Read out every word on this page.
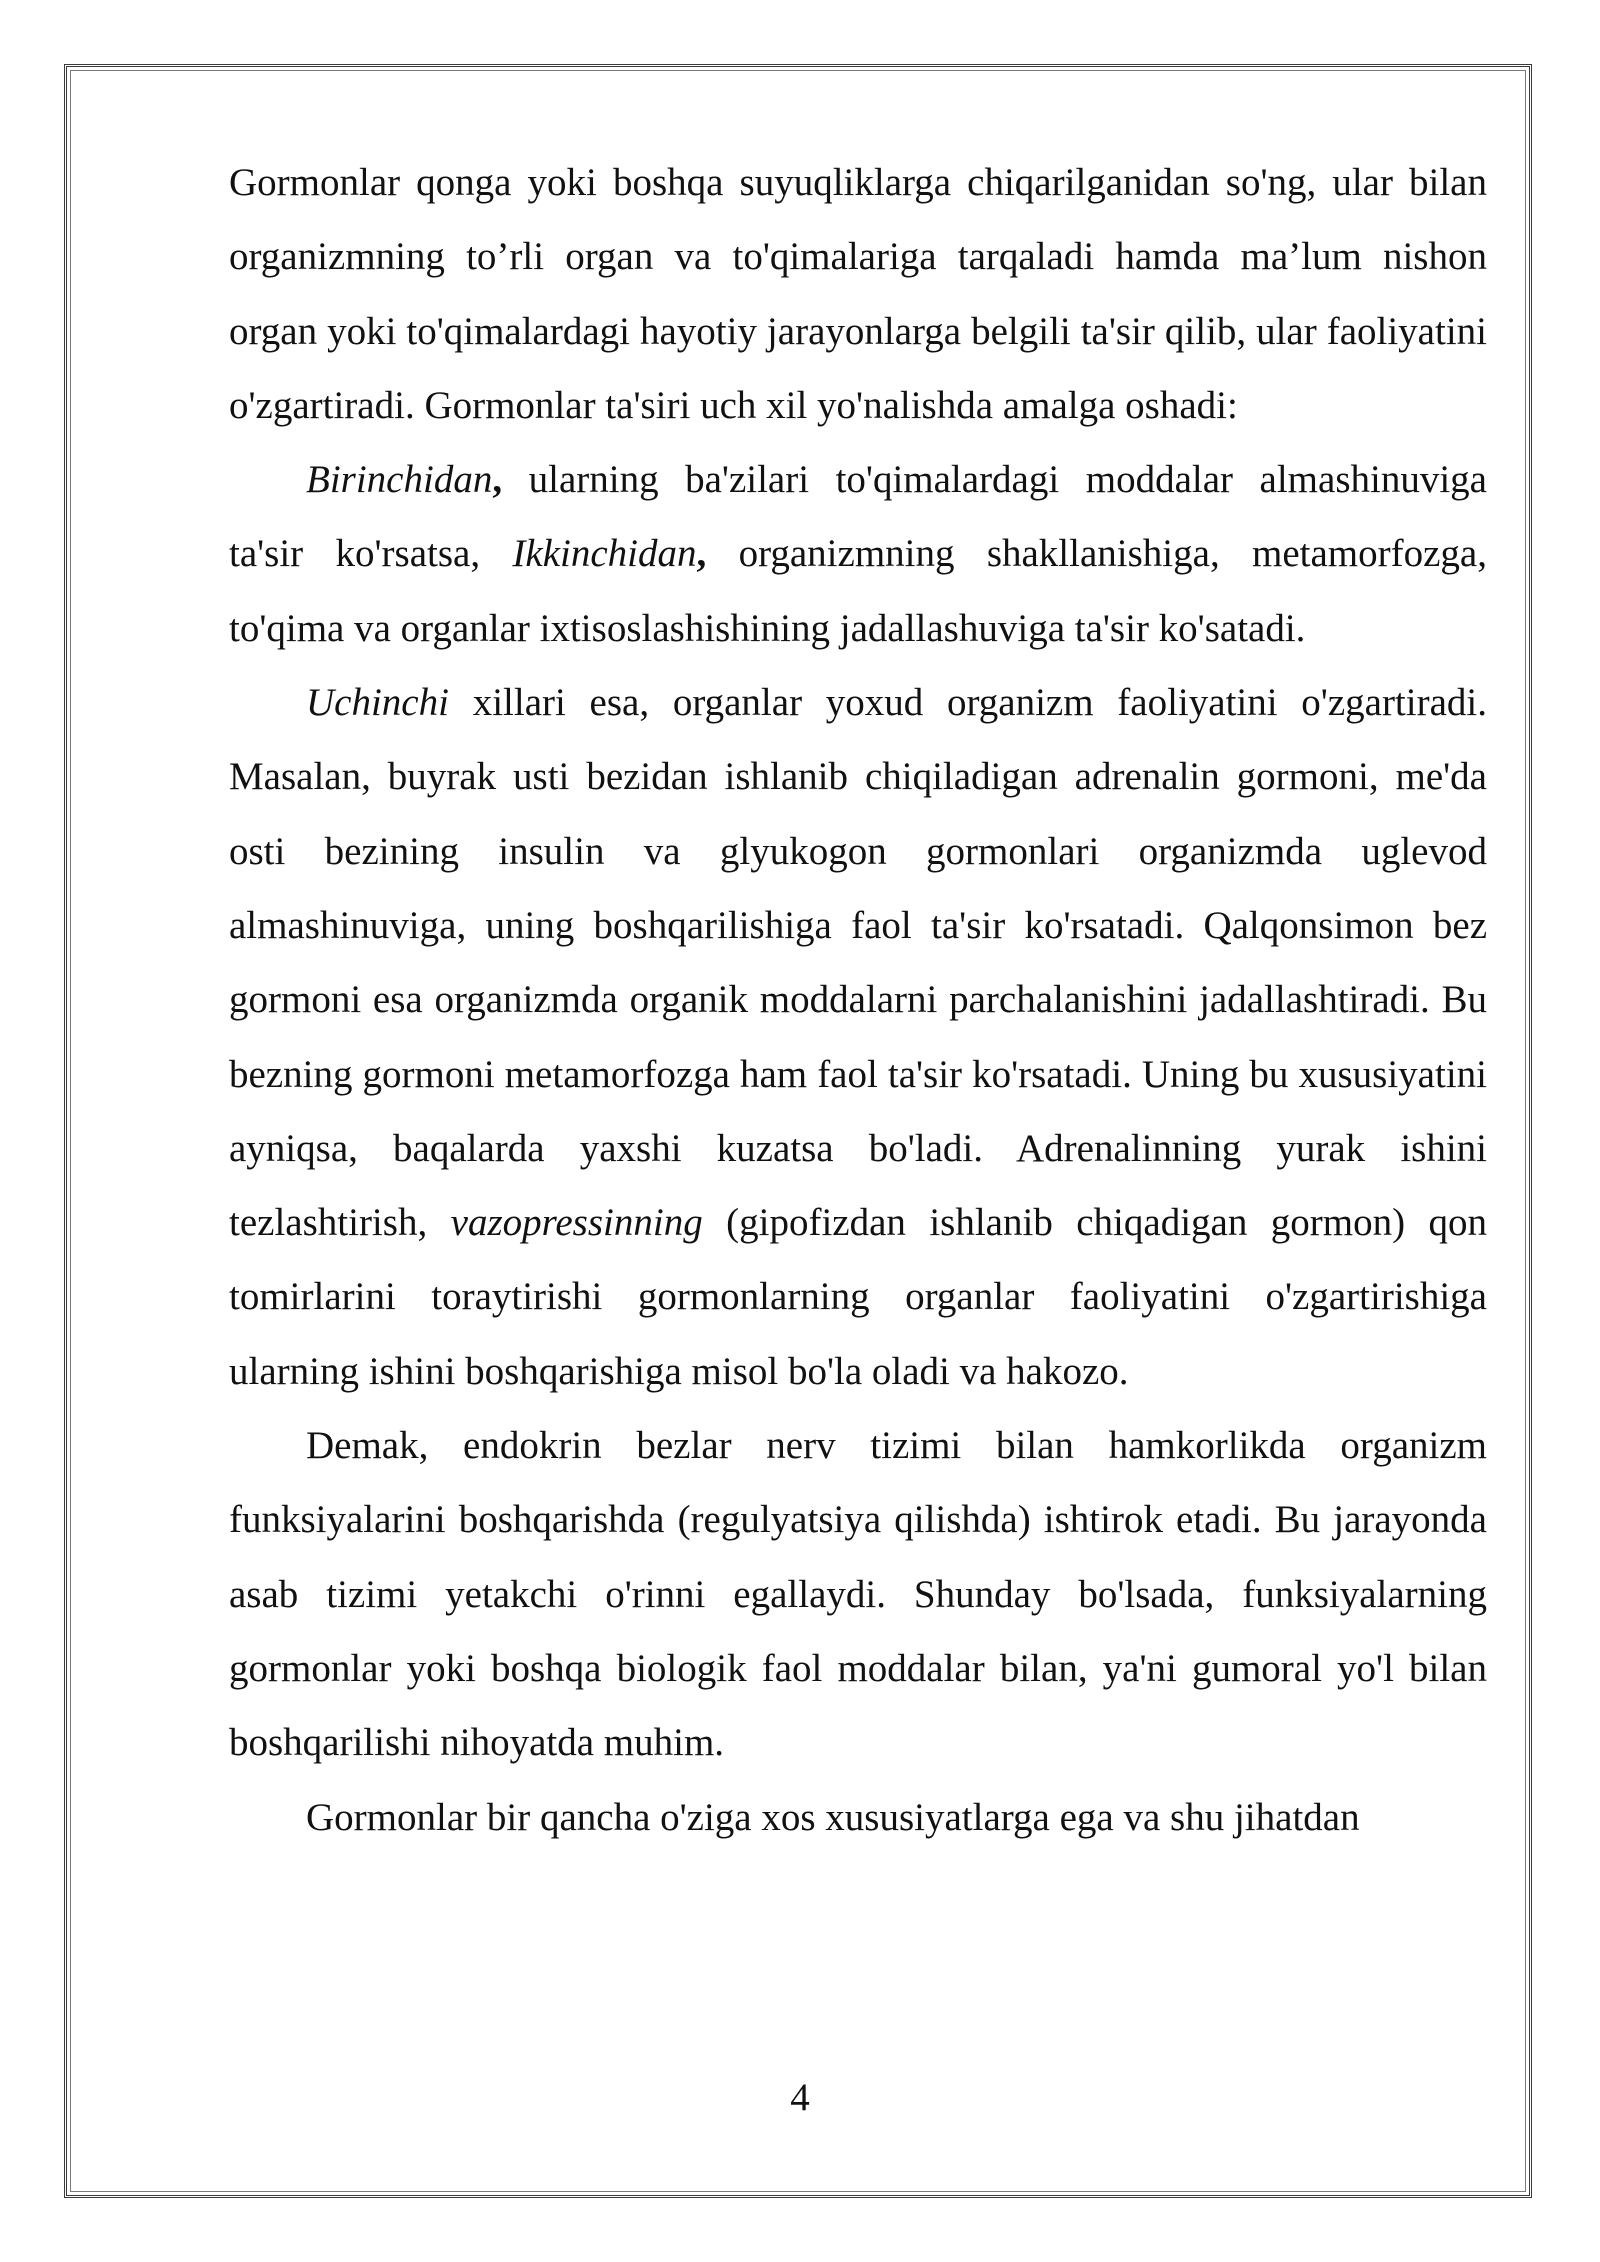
Gormonlar qonga yoki boshqa suyuqliklarga chiqarilganidan so'ng, ular bilan organizmning to’rli organ va to'qimalariga tarqaladi hamda ma’lum nishon organ yoki to'qimalardagi hayotiy jarayonlarga belgili ta'sir qilib, ular faoliyatini o'zgartiradi. Gormonlar ta'siri uch xil yo'nalishda amalga oshadi:

Birinchidan, ularning ba'zilari to'qimalardagi moddalar almashinuviga ta'sir ko'rsatsa, Ikkinchidan, organizmning shakllanishiga, metamorfozga, to'qima va organlar ixtisoslashishining jadallashuviga ta'sir ko'satadi.

Uchinchi xillari esa, organlar yoxud organizm faoliyatini o'zgartiradi. Masalan, buyrak usti bezidan ishlanib chiqiladigan adrenalin gormoni, me'da osti bezining insulin va glyukogon gormonlari organizmda uglevod almashinuviga, uning boshqarilishiga faol ta'sir ko'rsatadi. Qalqonsimon bez gormoni esa organizmda organik moddalarni parchalanishini jadallashtiradi. Bu bezning gormoni metamorfozga ham faol ta'sir ko'rsatadi. Uning bu xususiyatini ayniqsa, baqalarda yaxshi kuzatsa bo'ladi. Adrenalinning yurak ishini tezlashtirish, vazopressinning (gipofizdan ishlanib chiqadigan gormon) qon tomirlarini toraytirishi gormonlarning organlar faoliyatini o'zgartirishiga ularning ishini boshqarishiga misol bo'la oladi va hakozo.

Demak, endokrin bezlar nerv tizimi bilan hamkorlikda organizm funksiyalarini boshqarishda (regulyatsiya qilishda) ishtirok etadi. Bu jarayonda asab tizimi yetakchi o'rinni egallaydi. Shunday bo'lsada, funksiyalarning gormonlar yoki boshqa biologik faol moddalar bilan, ya'ni gumoral yo'l bilan boshqarilishi nihoyatda muhim.

Gormonlar bir qancha o'ziga xos xususiyatlarga ega va shu jihatdan

4
